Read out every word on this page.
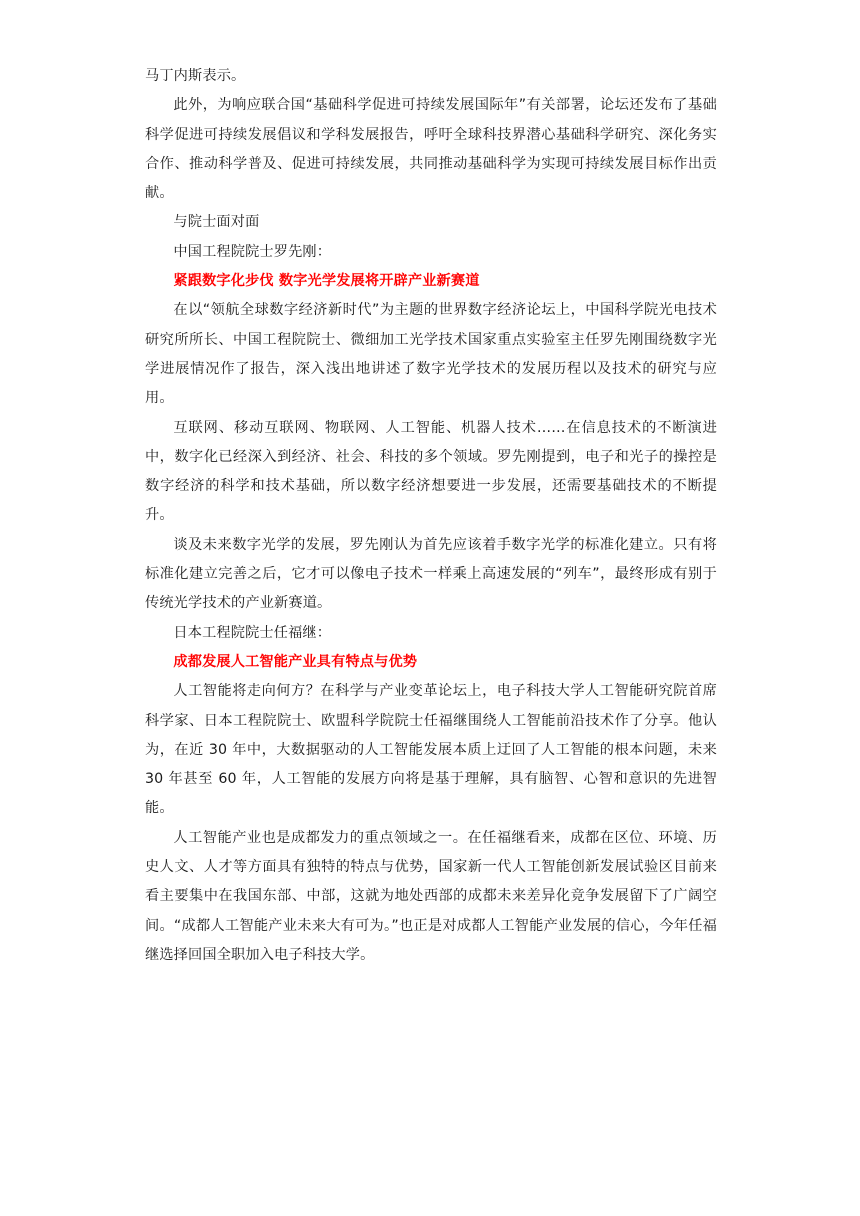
马丁内斯表示。

此外，为响应联合国“基础科学促进可持续发展国际年”有关部署，论坛还发布了基础科学促进可持续发展倡议和学科发展报告，呼吁全球科技界潜心基础科学研究、深化务实合作、推动科学普及、促进可持续发展，共同推动基础科学为实现可持续发展目标作出贡献。

与院士面对面

中国工程院院士罗先刚：

紧跟数字化步伐 数字光学发展将开辟产业新赛道

在以“领航全球数字经济新时代”为主题的世界数字经济论坛上，中国科学院光电技术研究所所长、中国工程院院士、微细加工光学技术国家重点实验室主任罗先刚围绕数字光学进展情况作了报告，深入浅出地讲述了数字光学技术的发展历程以及技术的研究与应用。

互联网、移动互联网、物联网、人工智能、机器人技术……在信息技术的不断演进中，数字化已经深入到经济、社会、科技的多个领域。罗先刚提到，电子和光子的操控是数字经济的科学和技术基础，所以数字经济想要进一步发展，还需要基础技术的不断提升。

谈及未来数字光学的发展，罗先刚认为首先应该着手数字光学的标准化建立。只有将标准化建立完善之后，它才可以像电子技术一样乘上高速发展的“列车”，最终形成有别于传统光学技术的产业新赛道。

日本工程院院士任福继：

成都发展人工智能产业具有特点与优势

人工智能将走向何方？在科学与产业变革论坛上，电子科技大学人工智能研究院首席科学家、日本工程院院士、欧盟科学院院士任福继围绕人工智能前沿技术作了分享。他认为，在近 30 年中，大数据驱动的人工智能发展本质上迂回了人工智能的根本问题，未来 30 年甚至 60 年，人工智能的发展方向将是基于理解，具有脑智、心智和意识的先进智能。

人工智能产业也是成都发力的重点领域之一。在任福继看来，成都在区位、环境、历史人文、人才等方面具有独特的特点与优势，国家新一代人工智能创新发展试验区目前来看主要集中在我国东部、中部，这就为地处西部的成都未来差异化竞争发展留下了广阔空间。“成都人工智能产业未来大有可为。”也正是对成都人工智能产业发展的信心，今年任福继选择回国全职加入电子科技大学。
